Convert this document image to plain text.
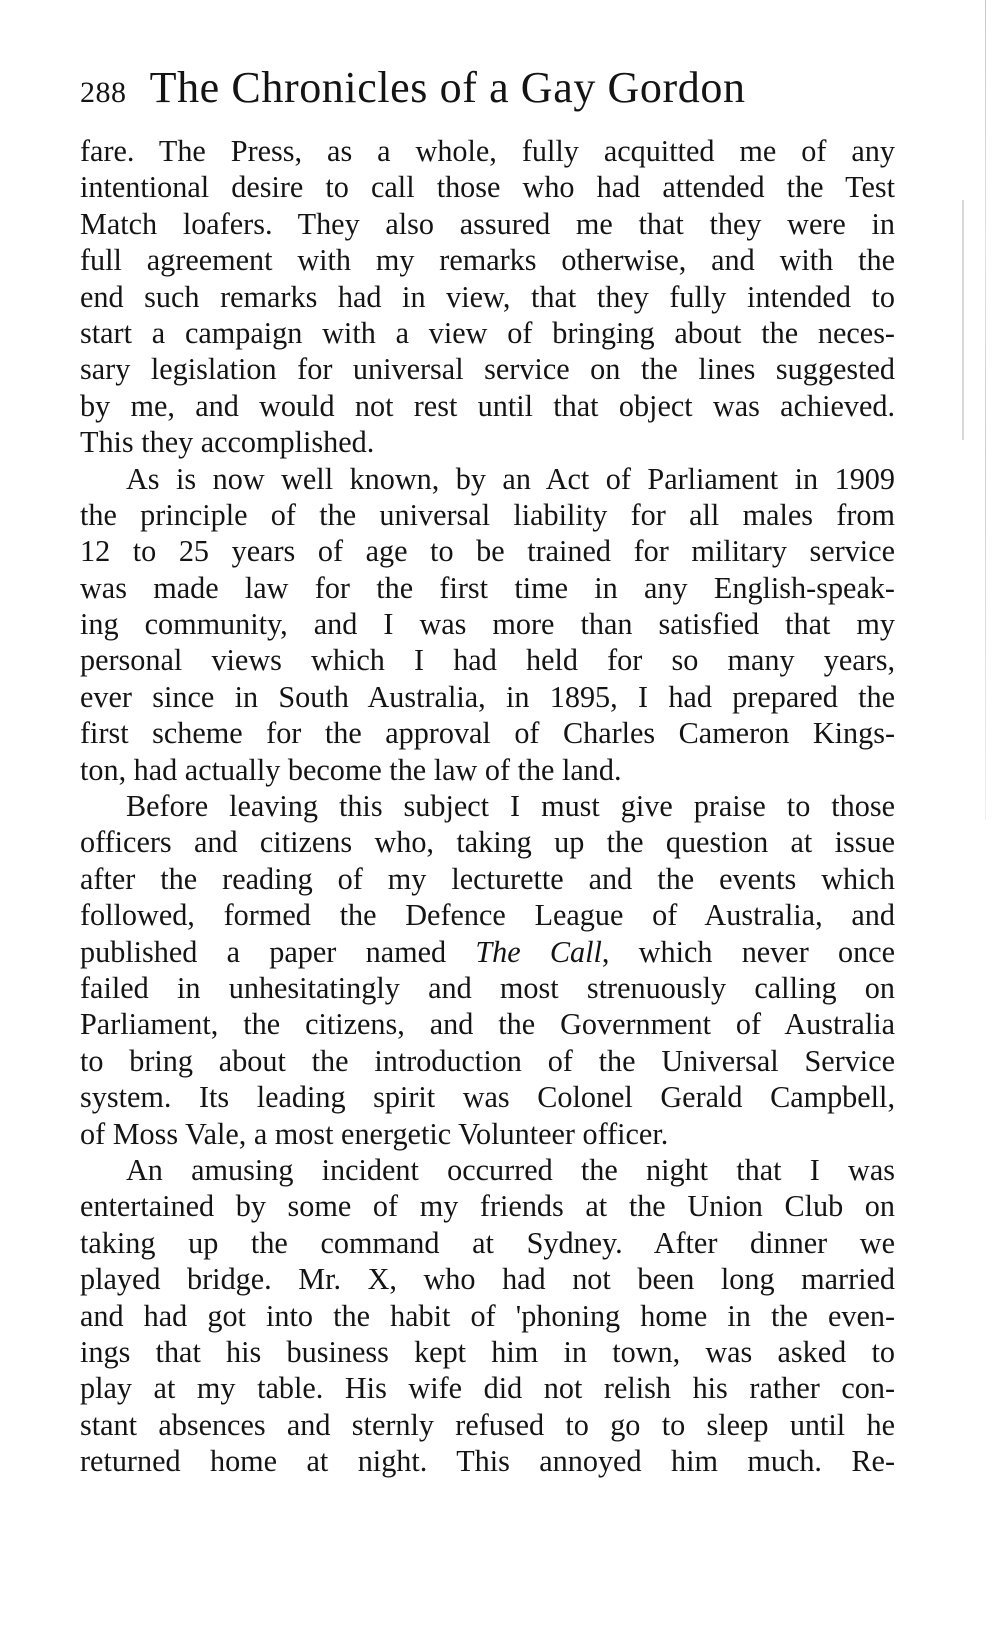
288 The Chronicles of a Gay Gordon
fare. The Press, as a whole, fully acquitted me of any
intentional desire to call those who had attended the Test
Match loafers. They also assured me that they were in
full agreement with my remarks otherwise, and with the
end such remarks had in view, that they fully intended to
start a campaign with a view of bringing about the neces-
sary legislation for universal service on the lines suggested
by me, and would not rest until that object was achieved.
This they accomplished.
As is now well known, by an Act of Parliament in 1909
the principle of the universal liability for all males from
12 to 25 years of age to be trained for military service
was made law for the first time in any English-speak-
ing community, and I was more than satisfied that my
personal views which I had held for so many years,
ever since in South Australia, in 1895, I had prepared the
first scheme for the approval of Charles Cameron Kings-
ton, had actually become the law of the land.
Before leaving this subject I must give praise to those
officers and citizens who, taking up the question at issue
after the reading of my lecturette and the events which
followed, formed the Defence League of Australia, and
published a paper named The Call, which never once
failed in unhesitatingly and most strenuously calling on
Parliament, the citizens, and the Government of Australia
to bring about the introduction of the Universal Service
system. Its leading spirit was Colonel Gerald Campbell,
of Moss Vale, a most energetic Volunteer officer.
An amusing incident occurred the night that I was
entertained by some of my friends at the Union Club on
taking up the command at Sydney. After dinner we
played bridge. Mr. X, who had not been long married
and had got into the habit of 'phoning home in the even-
ings that his business kept him in town, was asked to
play at my table. His wife did not relish his rather con-
stant absences and sternly refused to go to sleep until he
returned home at night. This annoyed him much. Re-
